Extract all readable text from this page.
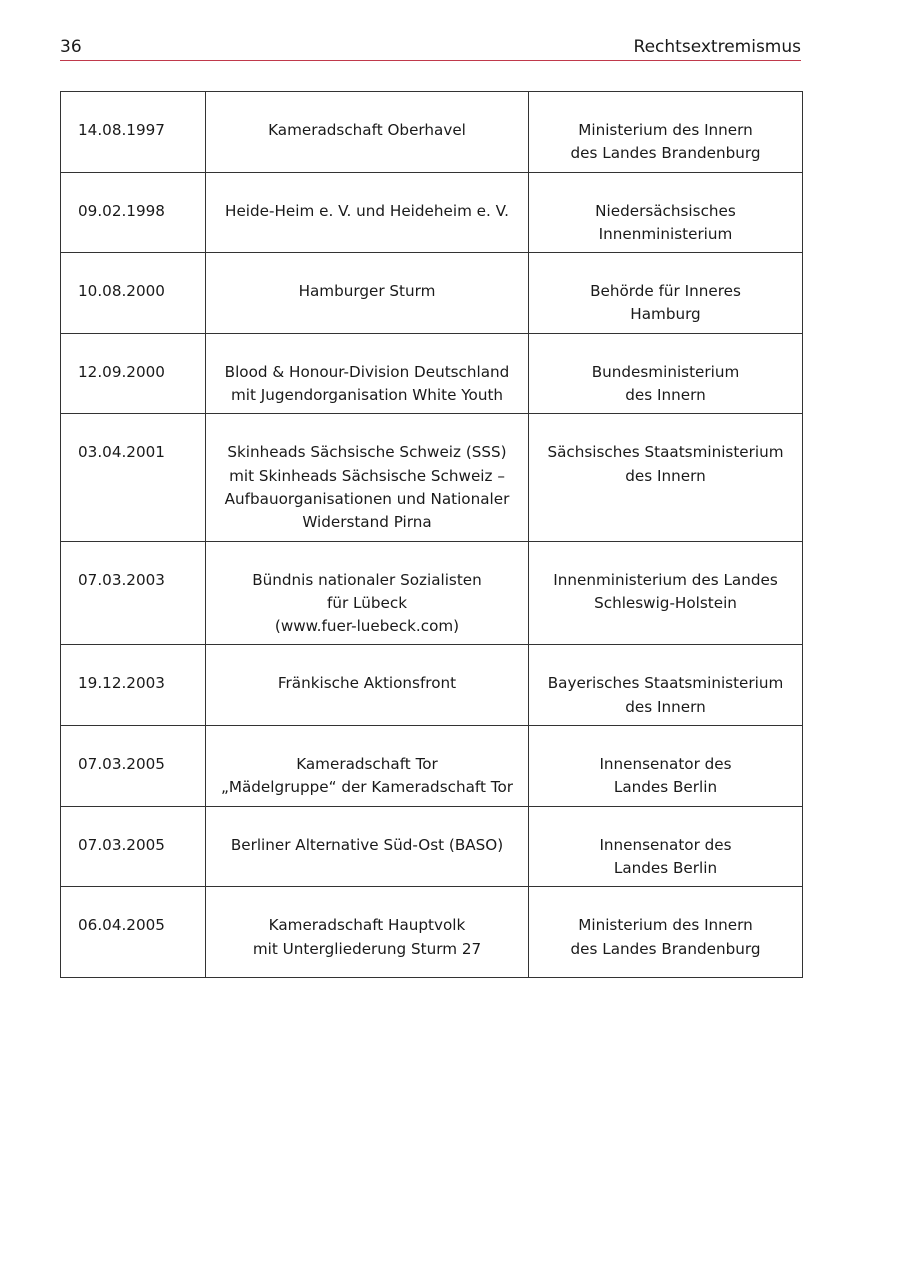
36	Rechtsextremismus
14.08.1997	Kameradschaft Oberhavel	Ministerium des Innern
des Landes Brandenburg

09.02.1998	Heide-Heim e. V. und Heideheim e. V.	Niedersächsisches
Innenministerium

10.08.2000	Hamburger Sturm	Behörde für Inneres
Hamburg

12.09.2000	Blood & Honour-Division Deutschland
mit Jugendorganisation White Youth	Bundesministerium
des Innern

03.04.2001	Skinheads Sächsische Schweiz (SSS)
mit Skinheads Sächsische Schweiz –
Aufbauorganisationen und Nationaler
Widerstand Pirna	Sächsisches Staatsministerium
des Innern

07.03.2003	Bündnis nationaler Sozialisten
für Lübeck
(www.fuer-luebeck.com)	Innenministerium des Landes
Schleswig-Holstein

19.12.2003	Fränkische Aktionsfront	Bayerisches Staatsministerium
des Innern

07.03.2005	Kameradschaft Tor
„Mädelgruppe“ der Kameradschaft Tor	Innensenator des
Landes Berlin

07.03.2005	Berliner Alternative Süd-Ost (BASO)	Innensenator des
Landes Berlin

06.04.2005	Kameradschaft Hauptvolk
mit Untergliederung Sturm 27	Ministerium des Innern
des Landes Brandenburg
